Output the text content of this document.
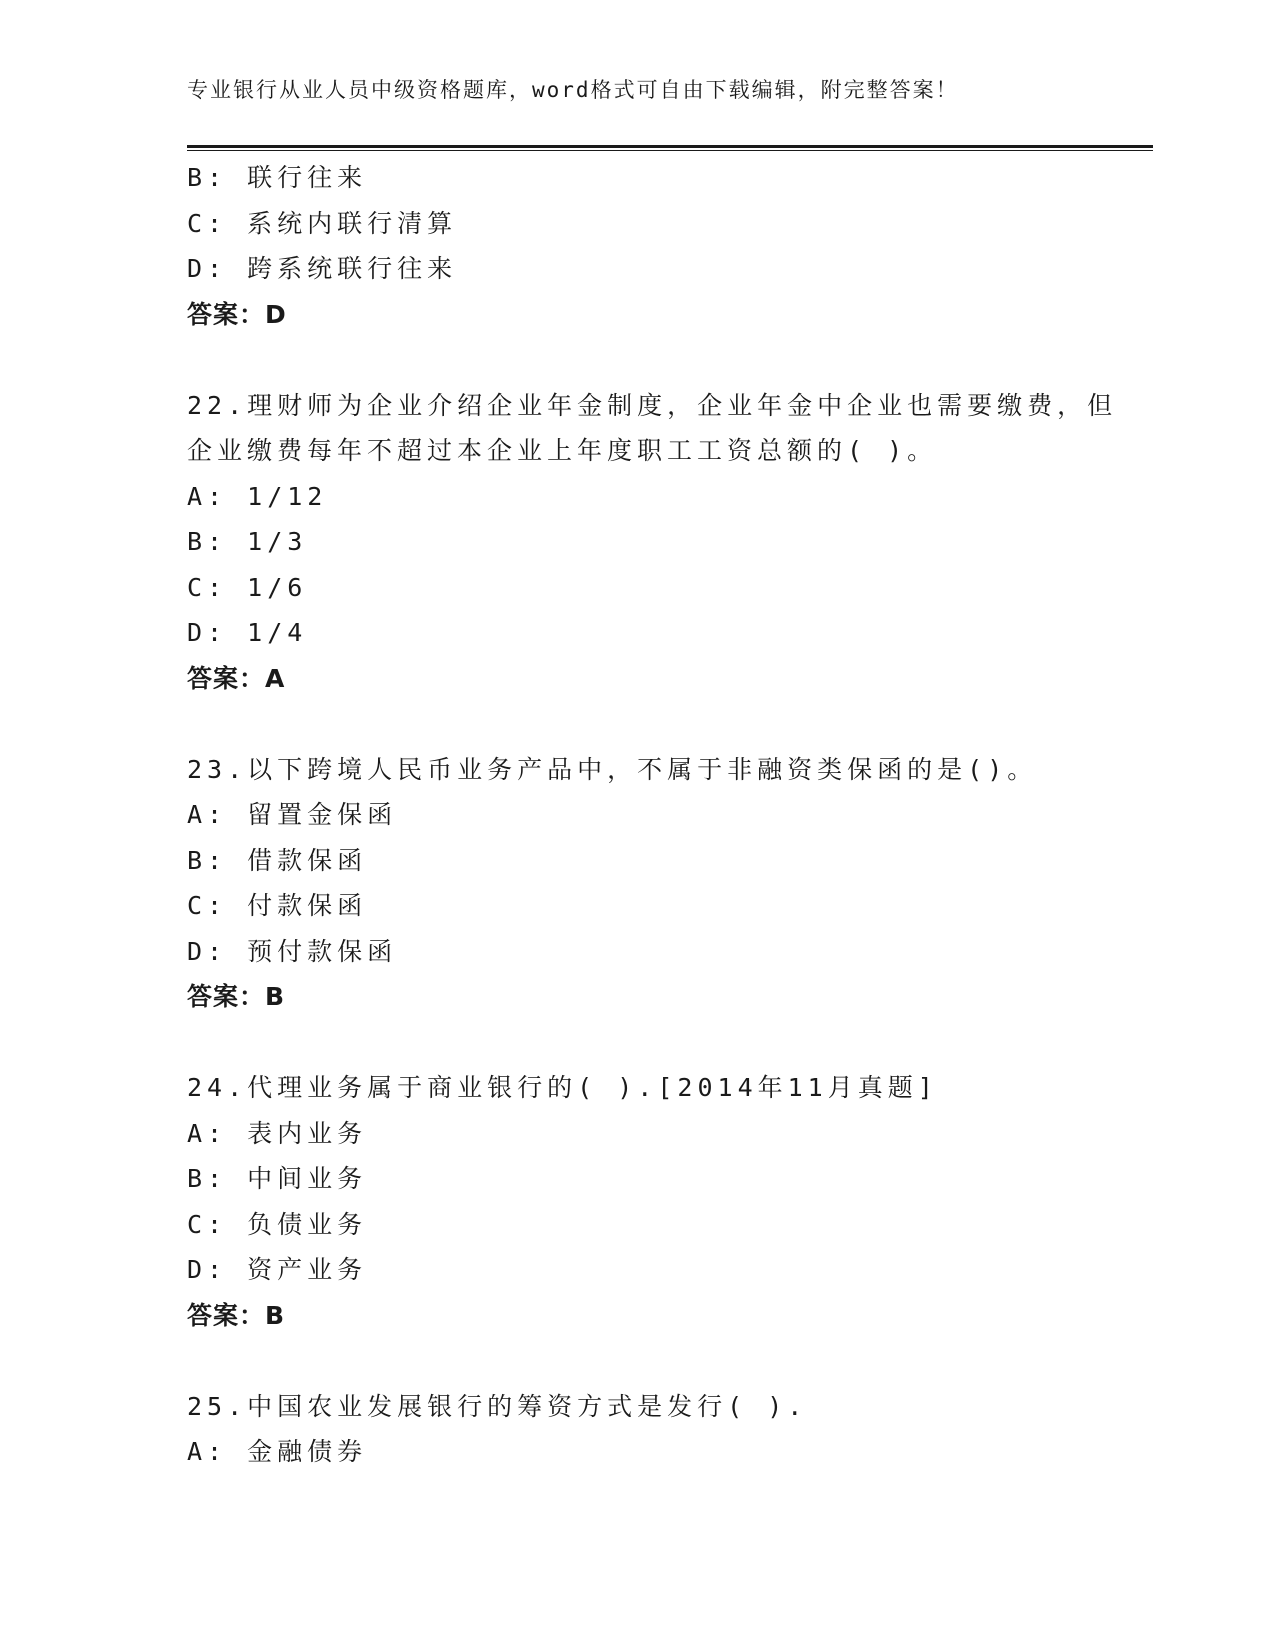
专业银行从业人员中级资格题库，word格式可自由下载编辑，附完整答案！
B: 联行往来
C: 系统内联行清算
D: 跨系统联行往来
答案：D
22.理财师为企业介绍企业年金制度，企业年金中企业也需要缴费，但
企业缴费每年不超过本企业上年度职工工资总额的( )。
A: 1/12
B: 1/3
C: 1/6
D: 1/4
答案：A
23.以下跨境人民币业务产品中，不属于非融资类保函的是()。
A: 留置金保函
B: 借款保函
C: 付款保函
D: 预付款保函
答案：B
24.代理业务属于商业银行的( ).[2014年11月真题]
A: 表内业务
B: 中间业务
C: 负债业务
D: 资产业务
答案：B
25.中国农业发展银行的筹资方式是发行( ).
A: 金融债券
